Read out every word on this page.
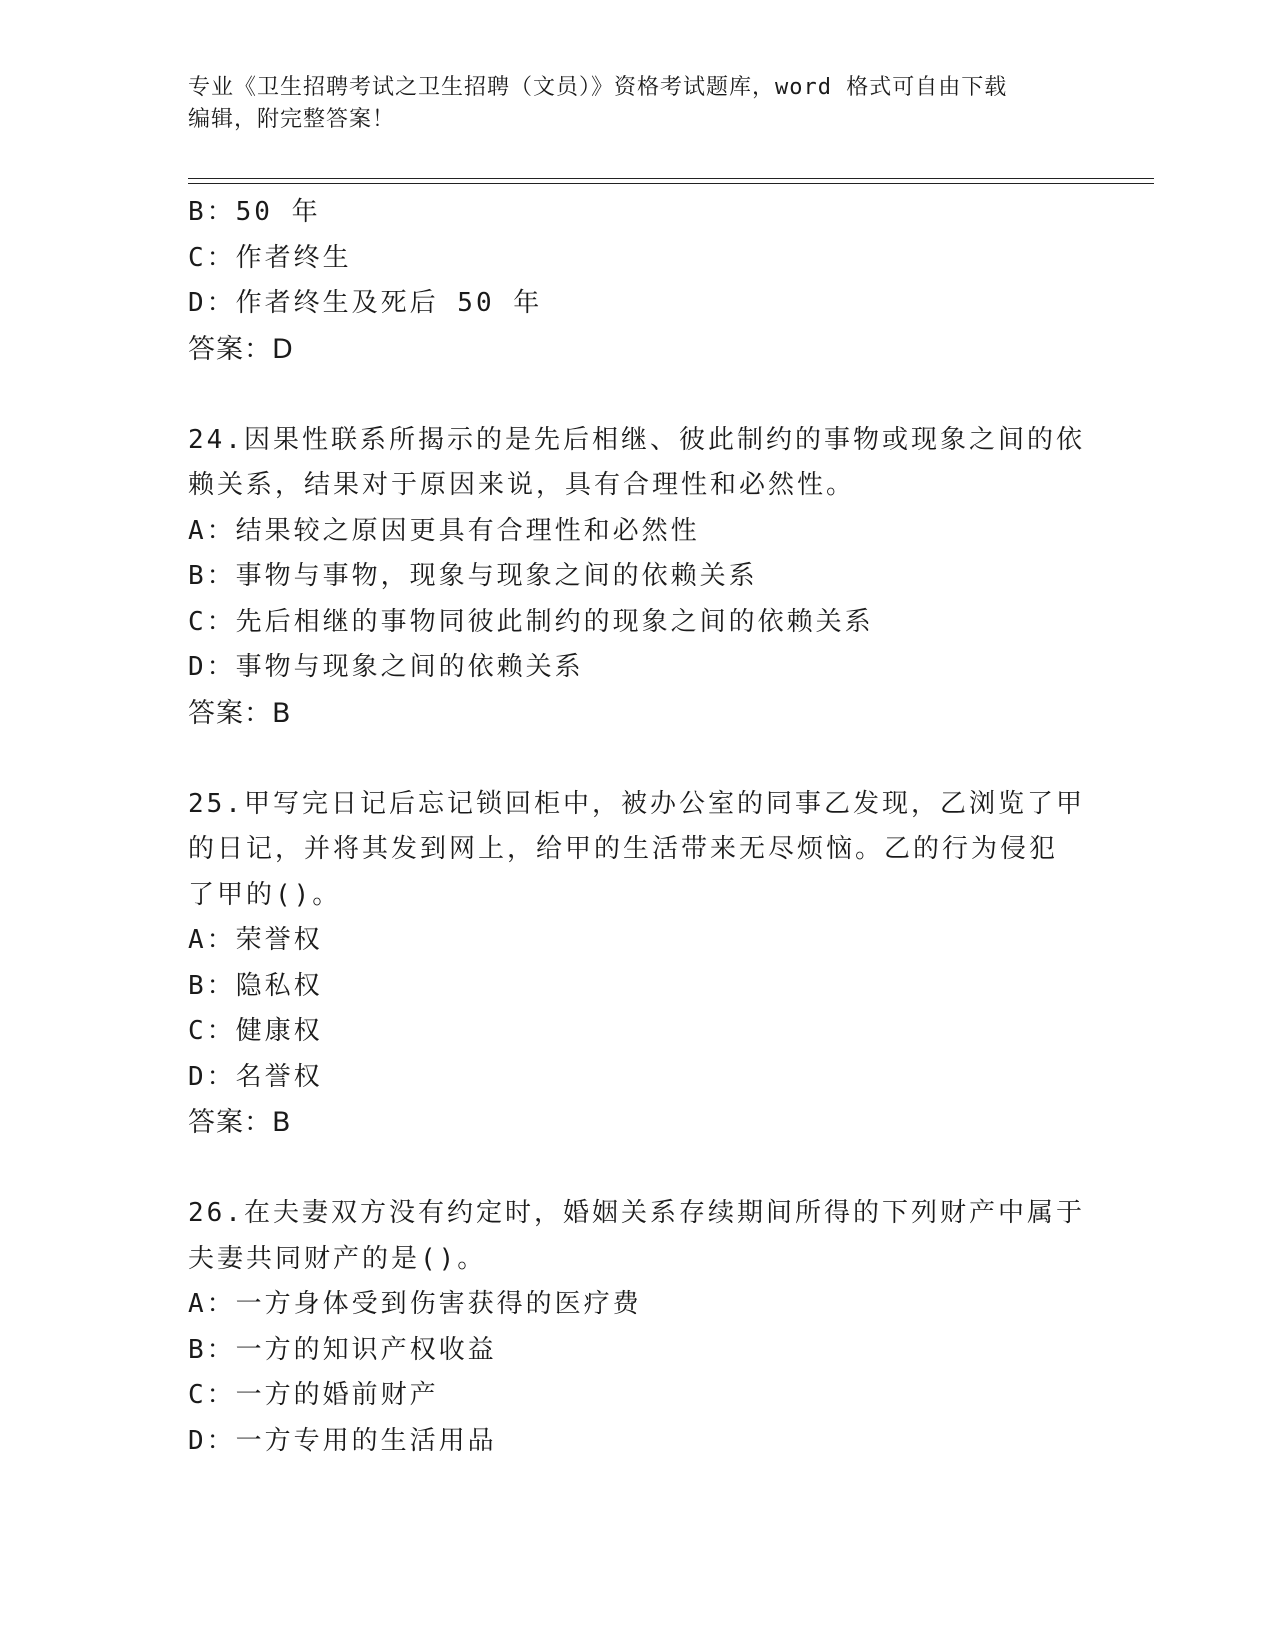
专业《卫生招聘考试之卫生招聘（文员）》资格考试题库，word 格式可自由下载
编辑，附完整答案！
B：50 年
C：作者终生
D：作者终生及死后 50 年
答案：D
24.因果性联系所揭示的是先后相继、彼此制约的事物或现象之间的依
赖关系，结果对于原因来说，具有合理性和必然性。
A：结果较之原因更具有合理性和必然性
B：事物与事物，现象与现象之间的依赖关系
C：先后相继的事物同彼此制约的现象之间的依赖关系
D：事物与现象之间的依赖关系
答案：B
25.甲写完日记后忘记锁回柜中，被办公室的同事乙发现，乙浏览了甲
的日记，并将其发到网上，给甲的生活带来无尽烦恼。乙的行为侵犯
了甲的()。
A：荣誉权
B：隐私权
C：健康权
D：名誉权
答案：B
26.在夫妻双方没有约定时，婚姻关系存续期间所得的下列财产中属于
夫妻共同财产的是()。
A：一方身体受到伤害获得的医疗费
B：一方的知识产权收益
C：一方的婚前财产
D：一方专用的生活用品
